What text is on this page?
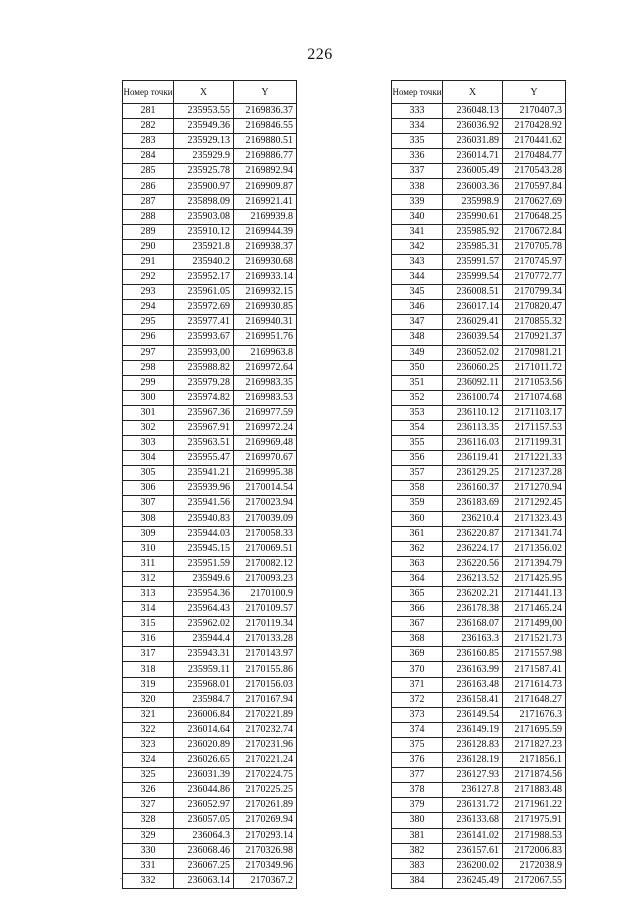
226
Номер точки	X	Y
281	235953.55	2169836.37
282	235949.36	2169846.55
283	235929.13	2169880.51
284	235929.9	2169886.77
285	235925.78	2169892.94
286	235900.97	2169909.87
287	235898.09	2169921.41
288	235903.08	2169939.8
289	235910.12	2169944.39
290	235921.8	2169938.37
291	235940.2	2169930.68
292	235952.17	2169933.14
293	235961.05	2169932.15
294	235972.69	2169930.85
295	235977.41	2169940.31
296	235993.67	2169951.76
297	235993,00	2169963.8
298	235988.82	2169972.64
299	235979.28	2169983.35
300	235974.82	2169983.53
301	235967.36	2169977.59
302	235967.91	2169972.24
303	235963.51	2169969.48
304	235955.47	2169970.67
305	235941.21	2169995.38
306	235939.96	2170014.54
307	235941.56	2170023.94
308	235940.83	2170039.09
309	235944.03	2170058.33
310	235945.15	2170069.51
311	235951.59	2170082.12
312	235949.6	2170093.23
313	235954.36	2170100.9
314	235964.43	2170109.57
315	235962.02	2170119.34
316	235944.4	2170133.28
317	235943.31	2170143.97
318	235959.11	2170155.86
319	235968.01	2170156.03
320	235984.7	2170167.94
321	236006.84	2170221.89
322	236014.64	2170232.74
323	236020.89	2170231.96
324	236026.65	2170221.24
325	236031.39	2170224.75
326	236044.86	2170225.25
327	236052.97	2170261.89
328	236057.05	2170269.94
329	236064.3	2170293.14
330	236068.46	2170326.98
331	236067.25	2170349.96
332	236063.14	2170367.2
Номер точки	X	Y
333	236048.13	2170407.3
334	236036.92	2170428.92
335	236031.89	2170441.62
336	236014.71	2170484.77
337	236005.49	2170543.28
338	236003.36	2170597.84
339	235998.9	2170627.69
340	235990.61	2170648.25
341	235985.92	2170672.84
342	235985.31	2170705.78
343	235991.57	2170745.97
344	235999.54	2170772.77
345	236008.51	2170799.34
346	236017.14	2170820.47
347	236029.41	2170855.32
348	236039.54	2170921.37
349	236052.02	2170981.21
350	236060.25	2171011.72
351	236092.11	2171053.56
352	236100.74	2171074.68
353	236110.12	2171103.17
354	236113.35	2171157.53
355	236116.03	2171199.31
356	236119.41	2171221.33
357	236129.25	2171237.28
358	236160.37	2171270.94
359	236183.69	2171292.45
360	236210.4	2171323.43
361	236220.87	2171341.74
362	236224.17	2171356.02
363	236220.56	2171394.79
364	236213.52	2171425.95
365	236202.21	2171441.13
366	236178.38	2171465.24
367	236168.07	2171499,00
368	236163.3	2171521.73
369	236160.85	2171557.98
370	236163.99	2171587.41
371	236163.48	2171614.73
372	236158.41	2171648.27
373	236149.54	2171676.3
374	236149.19	2171695.59
375	236128.83	2171827.23
376	236128.19	2171856.1
377	236127.93	2171874.56
378	236127.8	2171883.48
379	236131.72	2171961.22
380	236133.68	2171975.91
381	236141.02	2171988.53
382	236157.61	2172006.83
383	236200.02	2172038.9
384	236245.49	2172067.55
